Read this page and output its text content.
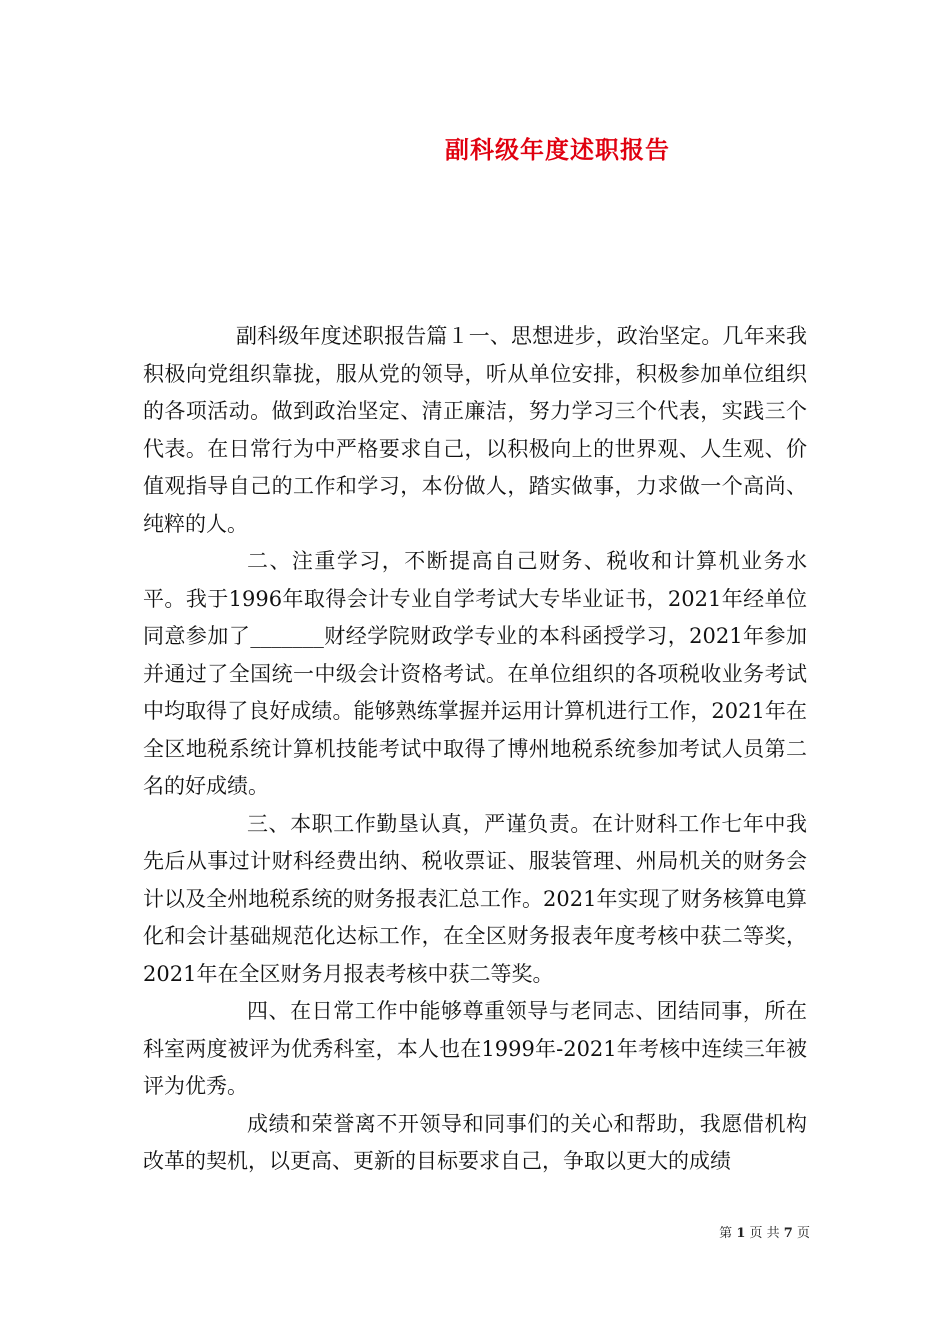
副科级年度述职报告

副科级年度述职报告篇１一、思想进步，政治坚定。几年来我积极向党组织靠拢，服从党的领导，听从单位安排，积极参加单位组织的各项活动。做到政治坚定、清正廉洁，努力学习三个代表，实践三个代表。在日常行为中严格要求自己，以积极向上的世界观、人生观、价值观指导自己的工作和学习，本份做人，踏实做事，力求做一个高尚、纯粹的人。

二、注重学习，不断提高自己财务、税收和计算机业务水平。我于1996年取得会计专业自学考试大专毕业证书，2021年经单位同意参加了_______财经学院财政学专业的本科函授学习，2021年参加并通过了全国统一中级会计资格考试。在单位组织的各项税收业务考试中均取得了良好成绩。能够熟练掌握并运用计算机进行工作，2021年在全区地税系统计算机技能考试中取得了博州地税系统参加考试人员第二名的好成绩。

三、本职工作勤垦认真，严谨负责。在计财科工作七年中我先后从事过计财科经费出纳、税收票证、服装管理、州局机关的财务会计以及全州地税系统的财务报表汇总工作。2021年实现了财务核算电算化和会计基础规范化达标工作，在全区财务报表年度考核中获二等奖，2021年在全区财务月报表考核中获二等奖。

四、在日常工作中能够尊重领导与老同志、团结同事，所在科室两度被评为优秀科室，本人也在1999年-2021年考核中连续三年被评为优秀。

成绩和荣誉离不开领导和同事们的关心和帮助，我愿借机构改革的契机，以更高、更新的目标要求自己，争取以更大的成绩

第 1 页 共 7 页
